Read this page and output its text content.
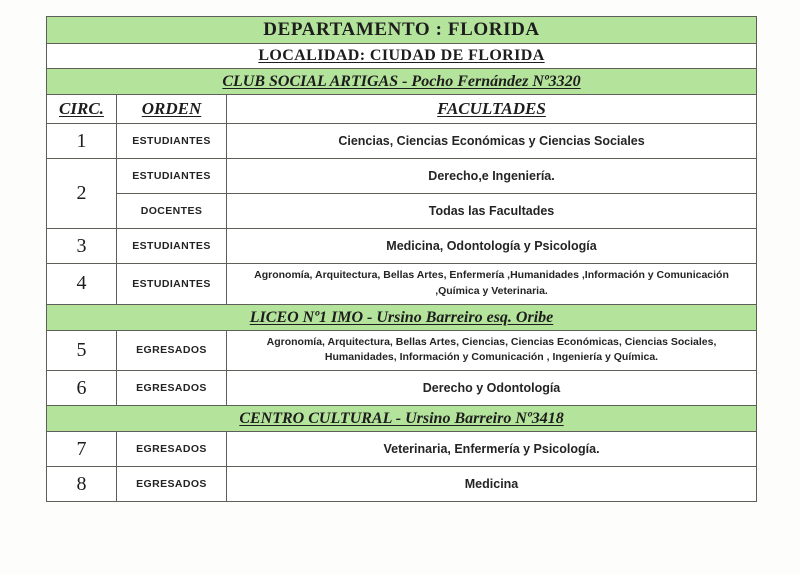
DEPARTAMENTO : FLORIDA		
LOCALIDAD: CIUDAD DE FLORIDA		
CLUB SOCIAL ARTIGAS - Pocho Fernández Nº3320		
CIRC.	ORDEN	FACULTADES
1	ESTUDIANTES	Ciencias, Ciencias Económicas y Ciencias Sociales
2	ESTUDIANTES	Derecho,e Ingeniería.
	DOCENTES	Todas las Facultades
3	ESTUDIANTES	Medicina, Odontología y Psicología
4	ESTUDIANTES	Agronomía, Arquitectura, Bellas Artes, Enfermería ,Humanidades ,Información y Comunicación ,Química y Veterinaria.
LICEO Nº1 IMO - Ursino Barreiro esq. Oribe		
5	EGRESADOS	Agronomía, Arquitectura, Bellas Artes, Ciencias, Ciencias Económicas, Ciencias Sociales, Humanidades, Información y Comunicación , Ingeniería y Química.
6	EGRESADOS	Derecho y Odontología
CENTRO CULTURAL - Ursino Barreiro Nº3418		
7	EGRESADOS	Veterinaria, Enfermería y Psicología.
8	EGRESADOS	Medicina
